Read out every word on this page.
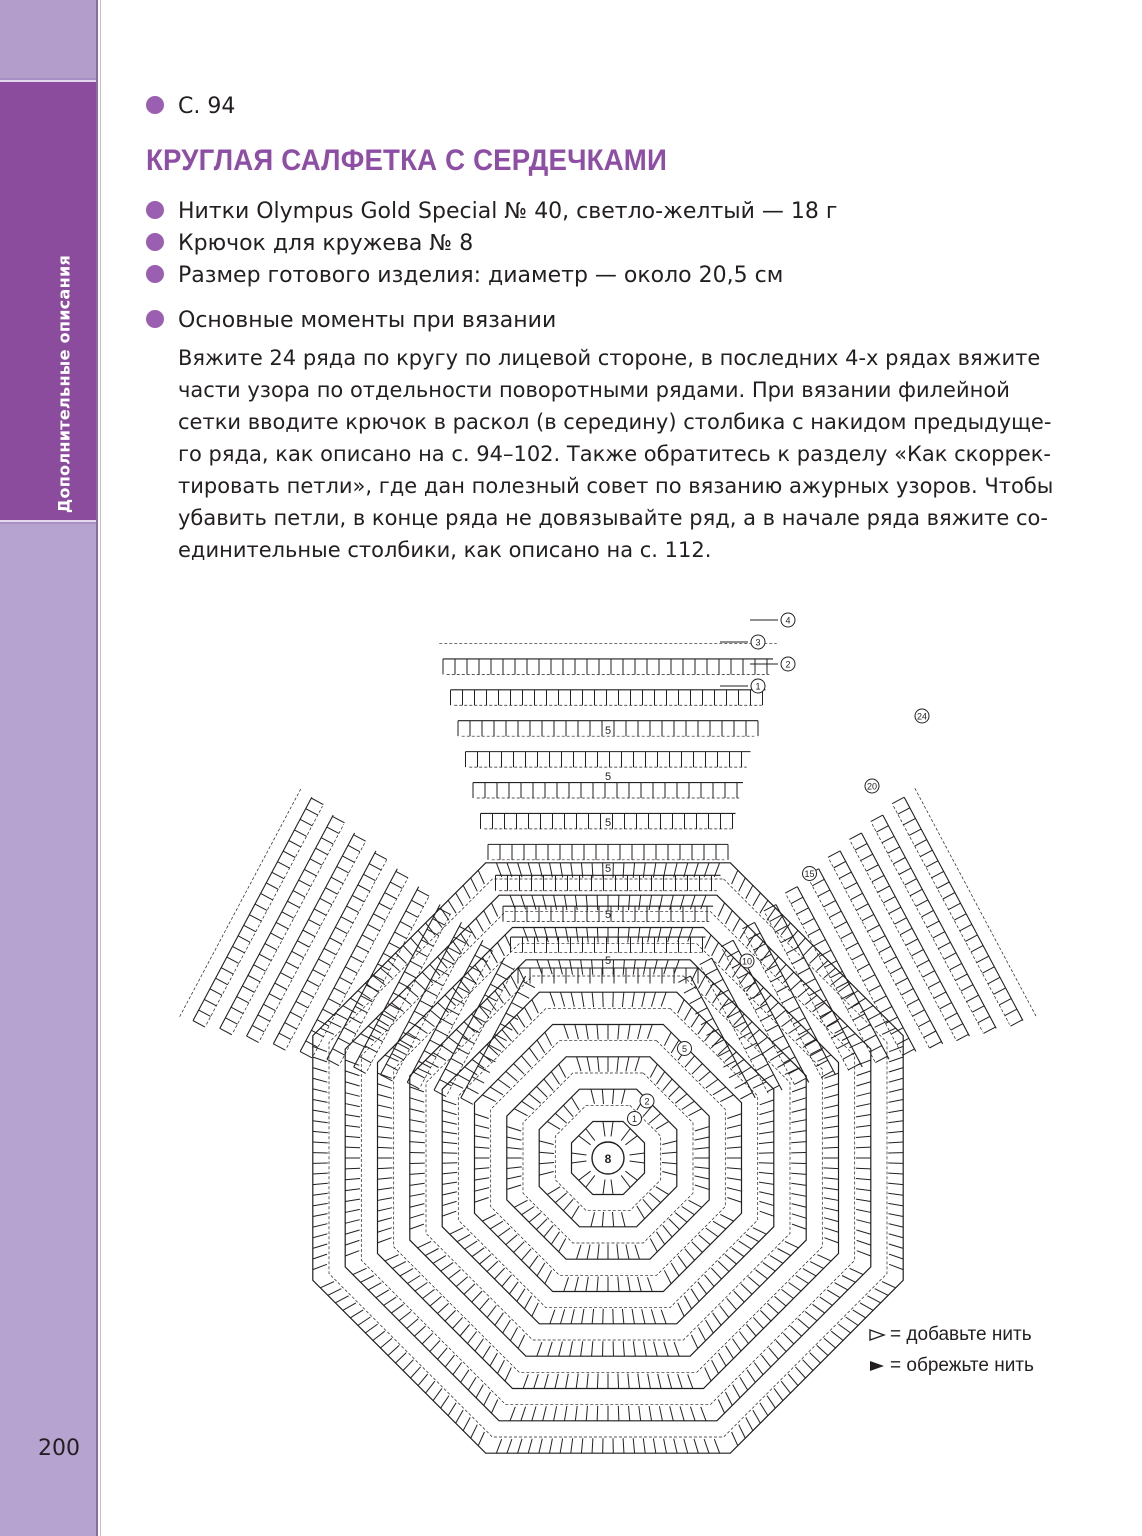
Дополнительные описания
200
С. 94
КРУГЛАЯ САЛФЕТКА С СЕРДЕЧКАМИ
Нитки Olympus Gold Special № 40, светло-желтый — 18 г
Крючок для кружева № 8
Размер готового изделия: диаметр — около 20,5 см
Основные моменты при вязании

Вяжите 24 ряда по кругу по лицевой стороне, в последних 4-х рядах вяжите
части узора по отдельности поворотными рядами. При вязании филейной
сетки вводите крючок в раскол (в середину) столбика с накидом предыдуще-
го ряда, как описано на с. 94–102. Также обратитесь к разделу «Как скоррек-
тировать петли», где дан полезный совет по вязанию ажурных узоров. Чтобы
убавить петли, в конце ряда не довязывайте ряд, а в начале ряда вяжите со-
единительные столбики, как описано на с. 112.

8
1
2
5
10
15
20
24
1
2
3
4
5
5
5
5
5
5
= добавьте нить
= обрежьте нить
